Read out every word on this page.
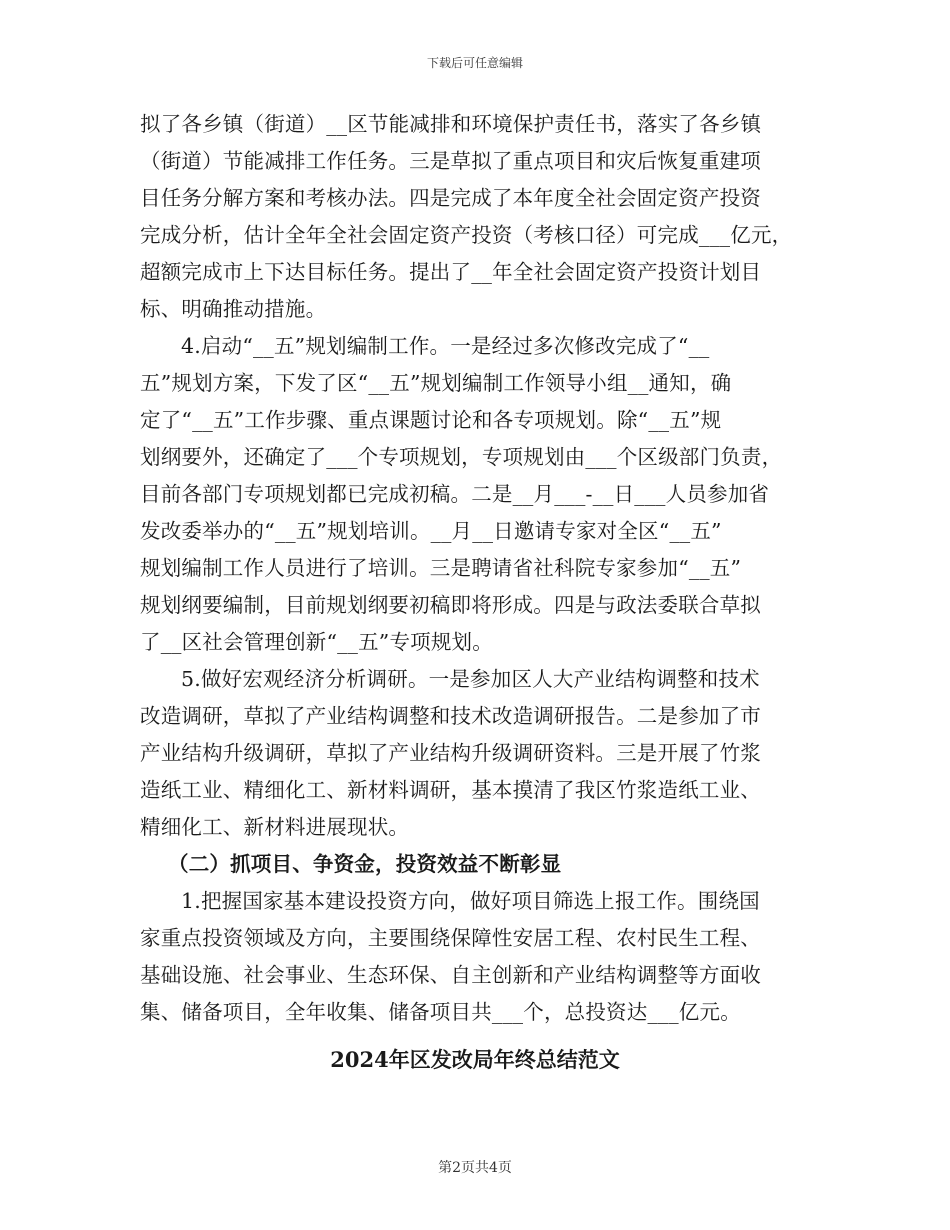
下载后可任意编辑
拟了各乡镇（街道）__区节能减排和环境保护责任书，落实了各乡镇
（街道）节能减排工作任务。三是草拟了重点项目和灾后恢复重建项
目任务分解方案和考核办法。四是完成了本年度全社会固定资产投资
完成分析，估计全年全社会固定资产投资（考核口径）可完成___亿元，
超额完成市上下达目标任务。提出了__年全社会固定资产投资计划目
标、明确推动措施。
4.启动“__五”规划编制工作。一是经过多次修改完成了“__
五”规划方案，下发了区“__五”规划编制工作领导小组__通知，确
定了“__五”工作步骤、重点课题讨论和各专项规划。除“__五”规
划纲要外，还确定了___个专项规划，专项规划由___个区级部门负责，
目前各部门专项规划都已完成初稿。二是__月___-__日___人员参加省
发改委举办的“__五”规划培训。__月__日邀请专家对全区“__五”
规划编制工作人员进行了培训。三是聘请省社科院专家参加“__五”
规划纲要编制，目前规划纲要初稿即将形成。四是与政法委联合草拟
了__区社会管理创新“__五”专项规划。
5.做好宏观经济分析调研。一是参加区人大产业结构调整和技术
改造调研，草拟了产业结构调整和技术改造调研报告。二是参加了市
产业结构升级调研，草拟了产业结构升级调研资料。三是开展了竹浆
造纸工业、精细化工、新材料调研，基本摸清了我区竹浆造纸工业、
精细化工、新材料进展现状。
（二）抓项目、争资金，投资效益不断彰显
1.把握国家基本建设投资方向，做好项目筛选上报工作。围绕国
家重点投资领域及方向，主要围绕保障性安居工程、农村民生工程、
基础设施、社会事业、生态环保、自主创新和产业结构调整等方面收
集、储备项目，全年收集、储备项目共___个，总投资达___亿元。
2024年区发改局年终总结范文
第2页共4页
